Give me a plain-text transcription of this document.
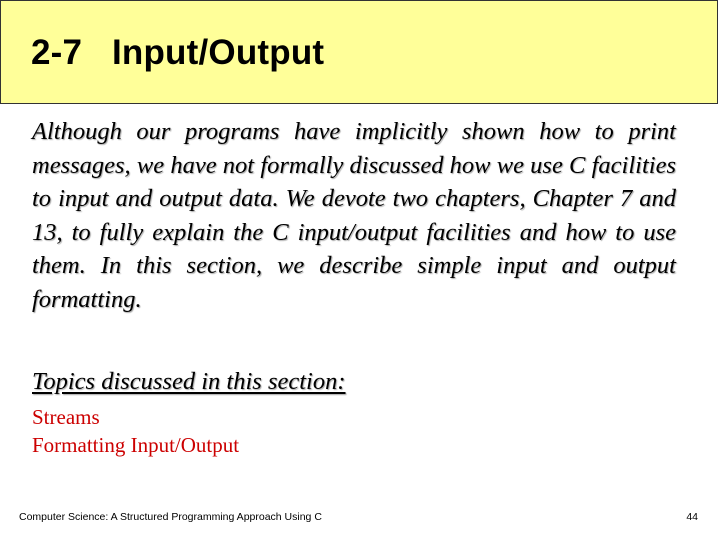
2-7   Input/Output

Although our programs have implicitly shown how to print messages, we have not formally discussed how we use C facilities to input and output data. We devote two chapters, Chapter 7 and 13, to fully explain the C input/output facilities and how to use them. In this section, we describe simple input and output formatting.

Topics discussed in this section:
Streams
Formatting Input/Output
Computer Science: A Structured Programming Approach Using C	44
